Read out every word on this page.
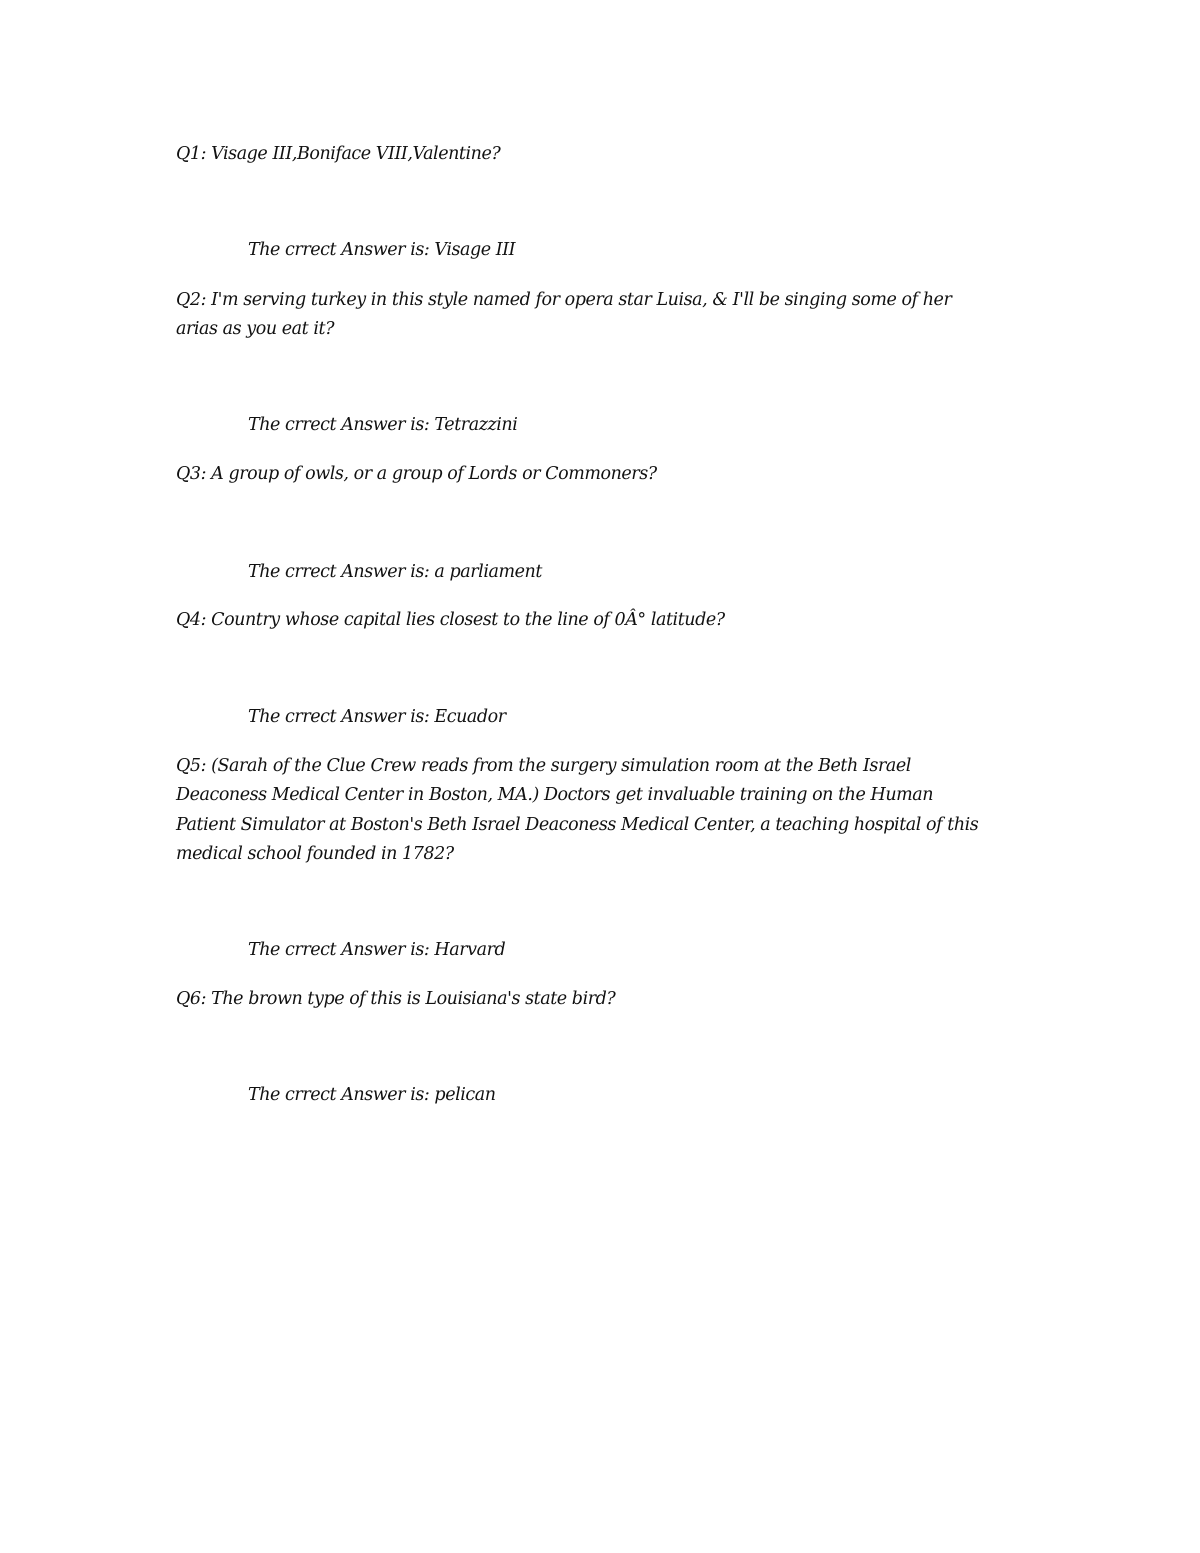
Q1: Visage III,Boniface VIII,Valentine?

The crrect Answer is: Visage III

Q2: I'm serving turkey in this style named for opera star Luisa, & I'll be singing some of her

arias as you eat it?

The crrect Answer is: Tetrazzini

Q3: A group of owls, or a group of Lords or Commoners?

The crrect Answer is: a parliament

Q4: Country whose capital lies closest to the line of 0Â° latitude?

The crrect Answer is: Ecuador

Q5: (Sarah of the Clue Crew reads from the surgery simulation room at the Beth Israel

Deaconess Medical Center in Boston, MA.) Doctors get invaluable training on the Human

Patient Simulator at Boston's Beth Israel Deaconess Medical Center, a teaching hospital of this

medical school founded in 1782?

The crrect Answer is: Harvard

Q6: The brown type of this is Louisiana's state bird?

The crrect Answer is: pelican
